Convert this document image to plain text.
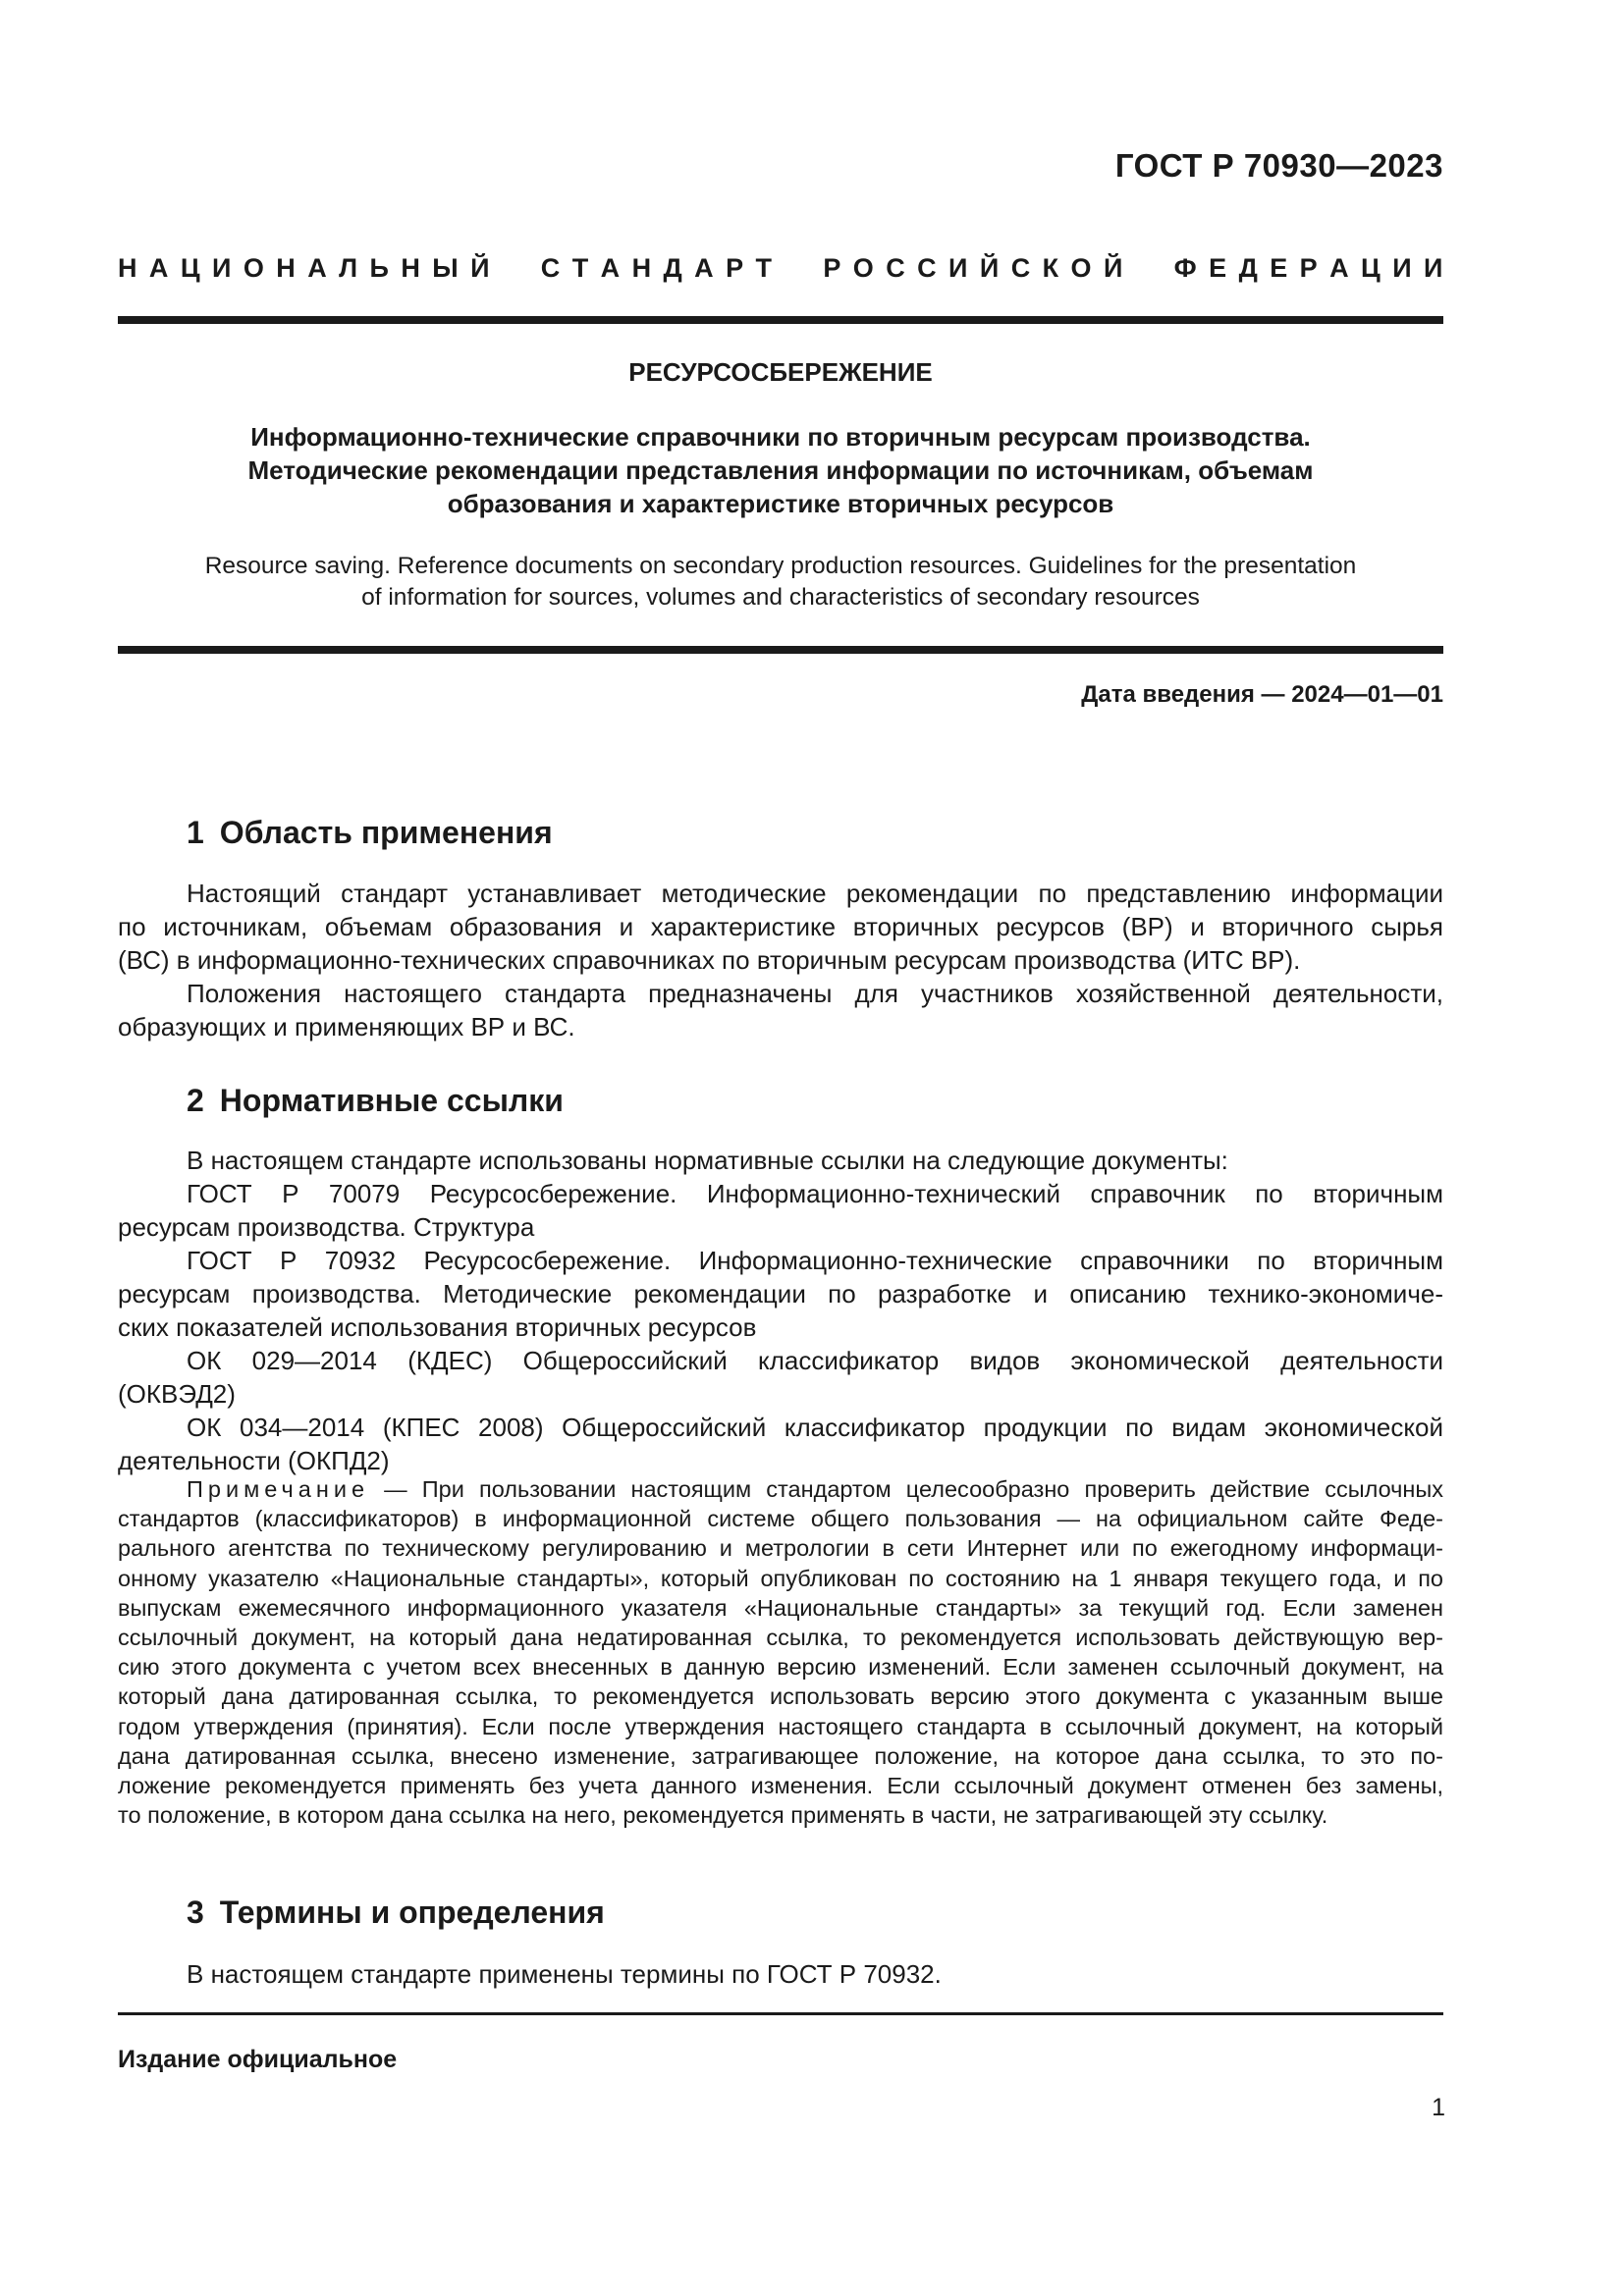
ГОСТ Р 70930—2023
Н А Ц И О Н А Л Ь Н Ы Й

С Т А Н Д А Р Т

Р О С С И Й С К О Й

Ф Е Д Е Р А Ц И И
РЕСУРСОСБЕРЕЖЕНИЕ
Информационно-технические справочники по вторичным ресурсам производства.
Методические рекомендации представления информации по источникам, объемам
образования и характеристике вторичных ресурсов
Resource saving. Reference documents on secondary production resources. Guidelines for the presentation
of information for sources, volumes and characteristics of secondary resources
Дата введения — 2024—01—01
1 Область применения
Настоящий стандарт устанавливает методические рекомендации по представлению информации
по источникам, объемам образования и характеристике вторичных ресурсов (ВР) и вторичного сырья
(ВС) в информационно-технических справочниках по вторичным ресурсам производства (ИТС ВР).
Положения настоящего стандарта предназначены для участников хозяйственной деятельности,
образующих и применяющих ВР и ВС.
2 Нормативные ссылки
В настоящем стандарте использованы нормативные ссылки на следующие документы:
ГОСТ Р 70079 Ресурсосбережение. Информационно-технический справочник по вторичным
ресурсам производства. Структура
ГОСТ Р 70932 Ресурсосбережение. Информационно-технические справочники по вторичным
ресурсам производства. Методические рекомендации по разработке и описанию технико-экономиче-
ских показателей использования вторичных ресурсов
ОК 029—2014 (КДЕС) Общероссийский классификатор видов экономической деятельности
(ОКВЭД2)
ОК 034—2014 (КПЕС 2008) Общероссийский классификатор продукции по видам экономической
деятельности (ОКПД2)
Примечание — При пользовании настоящим стандартом целесообразно проверить действие ссылочных
стандартов (классификаторов) в информационной системе общего пользования — на официальном сайте Феде-
рального агентства по техническому регулированию и метрологии в сети Интернет или по ежегодному информаци-
онному указателю «Национальные стандарты», который опубликован по состоянию на 1 января текущего года, и по
выпускам ежемесячного информационного указателя «Национальные стандарты» за текущий год. Если заменен
ссылочный документ, на который дана недатированная ссылка, то рекомендуется использовать действующую вер-
сию этого документа с учетом всех внесенных в данную версию изменений. Если заменен ссылочный документ, на
который дана датированная ссылка, то рекомендуется использовать версию этого документа с указанным выше
годом утверждения (принятия). Если после утверждения настоящего стандарта в ссылочный документ, на который
дана датированная ссылка, внесено изменение, затрагивающее положение, на которое дана ссылка, то это по-
ложение рекомендуется применять без учета данного изменения. Если ссылочный документ отменен без замены,
то положение, в котором дана ссылка на него, рекомендуется применять в части, не затрагивающей эту ссылку.
3 Термины и определения
В настоящем стандарте применены термины по ГОСТ Р 70932.
Издание официальное
1
